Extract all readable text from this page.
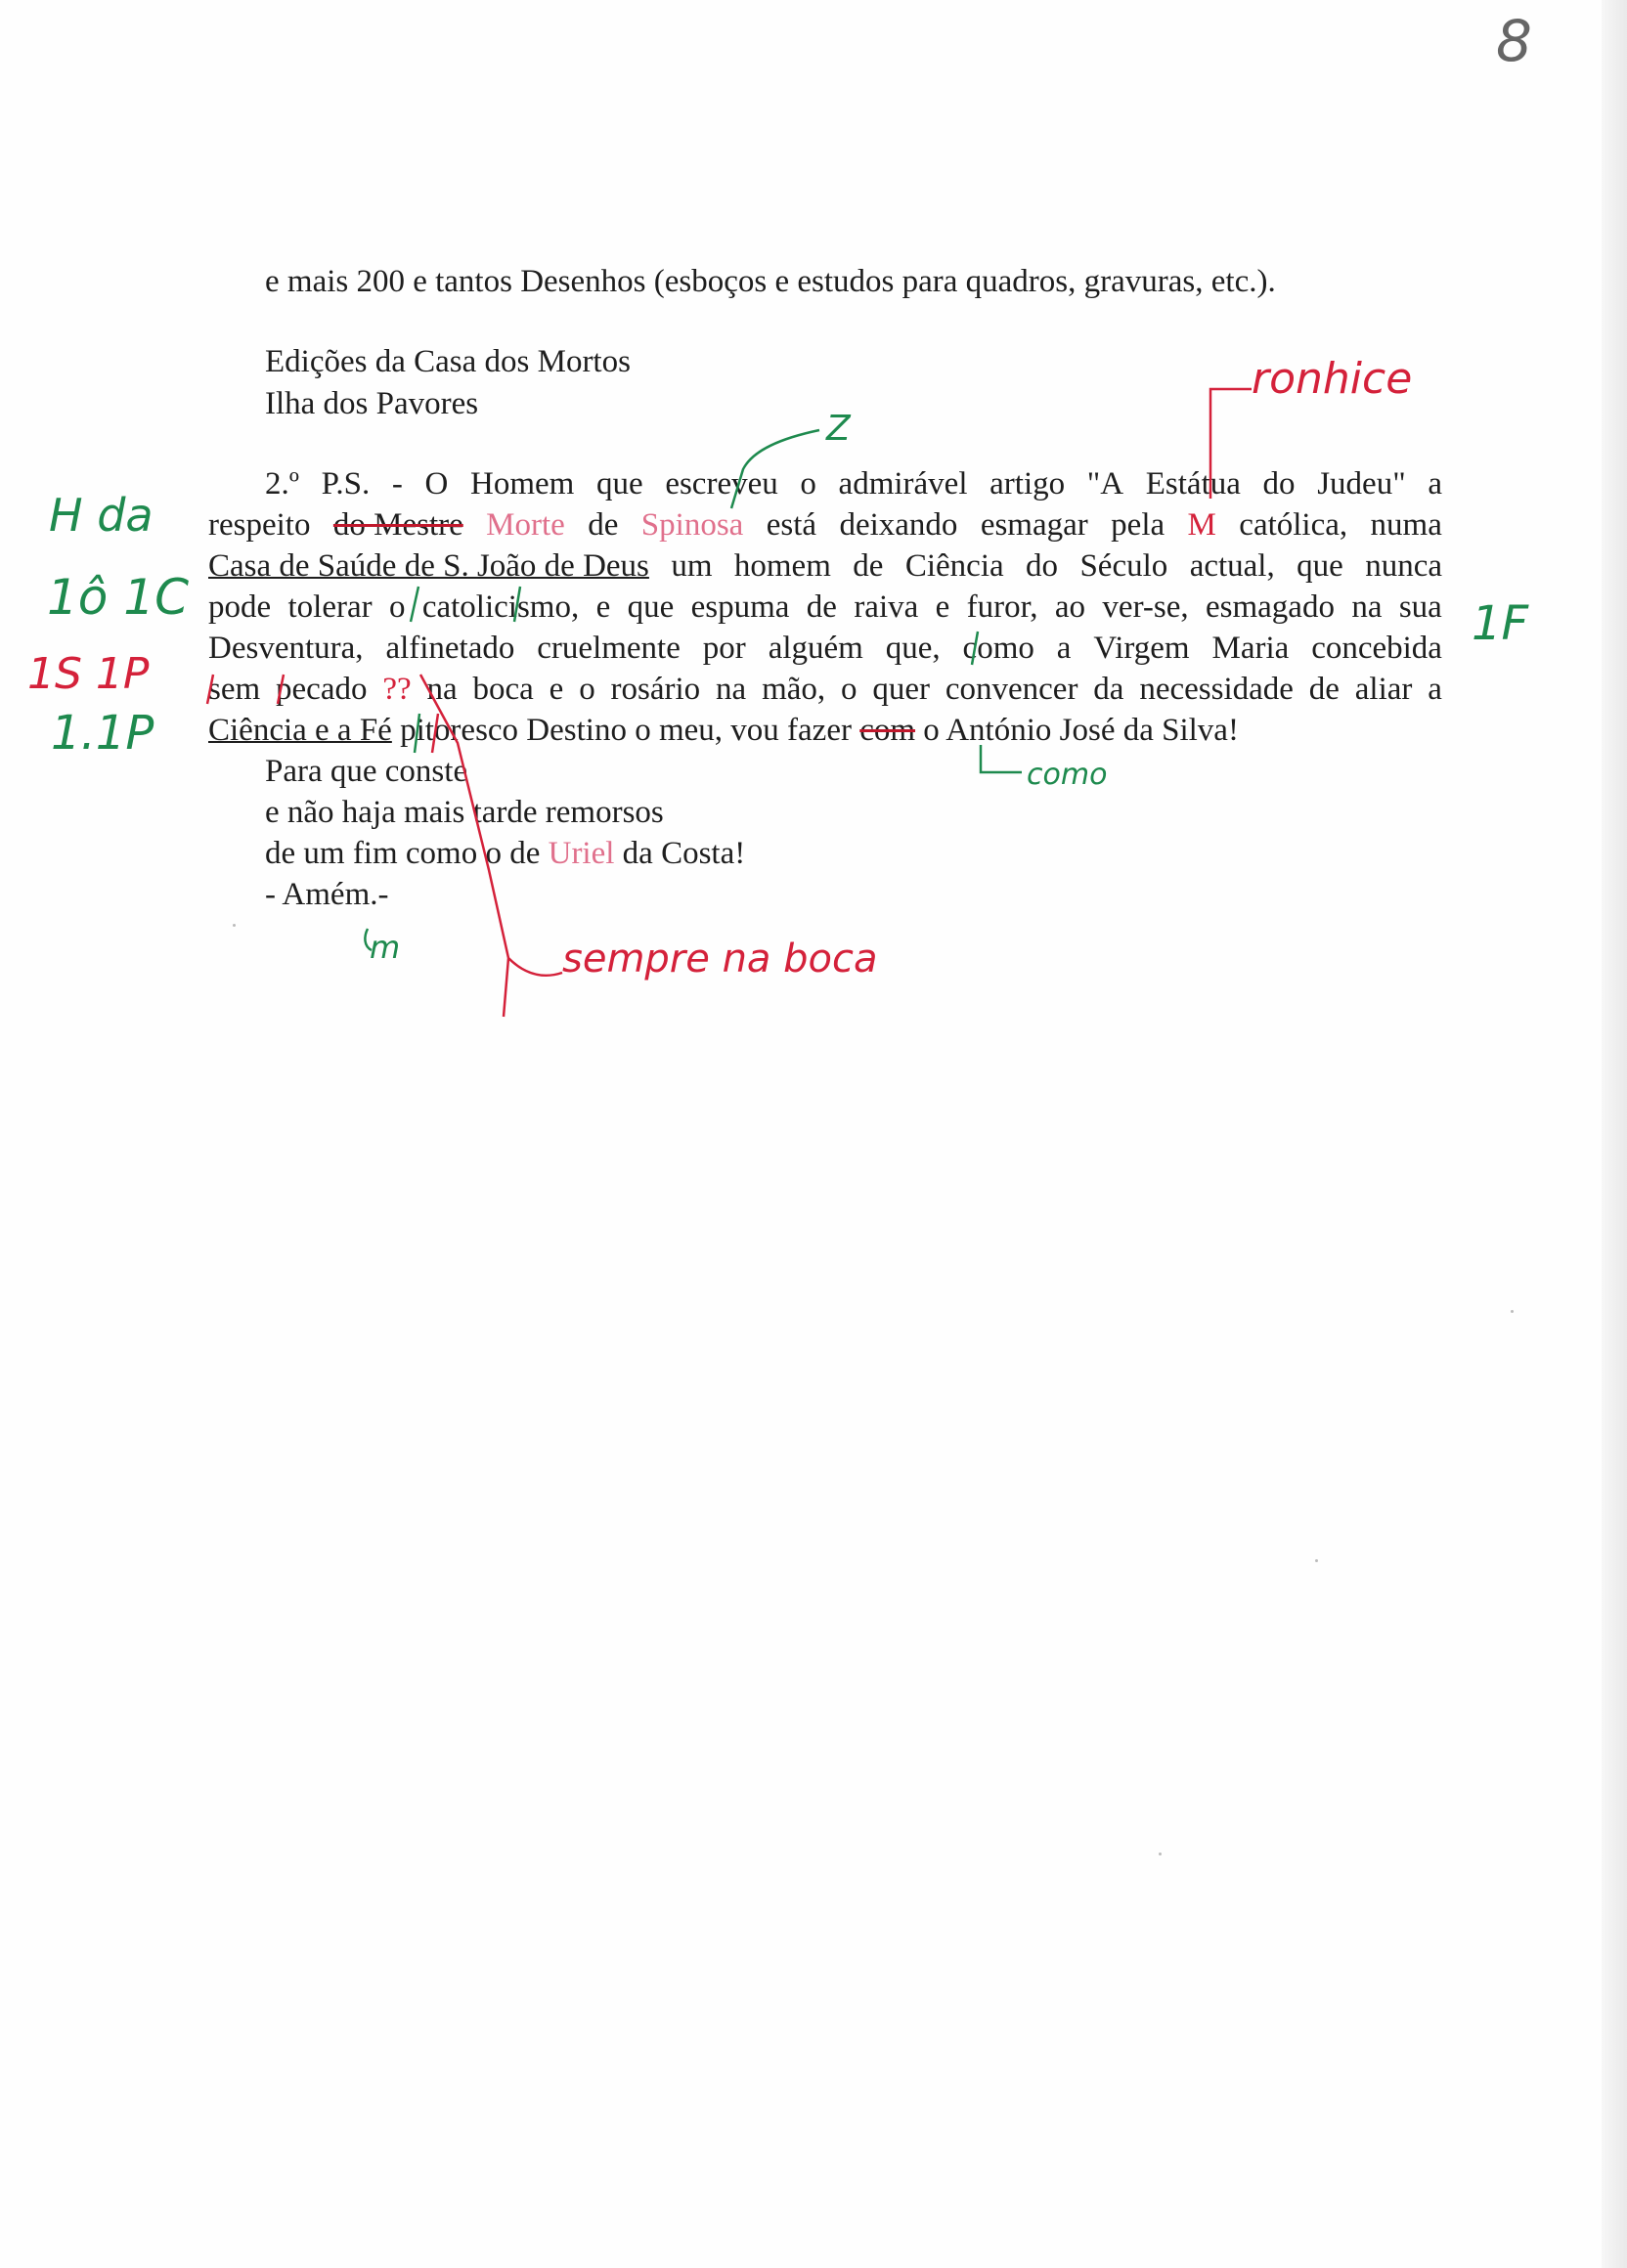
8
e mais 200 e tantos Desenhos (esboços e estudos para quadros, gravuras, etc.).
Edições da Casa dos Mortos
Ilha dos Pavores
2.º P.S. - O Homem que escreveu o admirável artigo "A Estátua do Judeu" a
respeito do Mestre Morte de Spinosa está deixando esmagar pela M católica, numa
Casa de Saúde de S. João de Deus um homem de Ciência do Século actual, que nunca
pode tolerar o catolicismo, e que espuma de raiva e furor, ao ver-se, esmagado na sua
Desventura, alfinetado cruelmente por alguém que, como a Virgem Maria concebida
sem pecado ?? na boca e o rosário na mão, o quer convencer da necessidade de aliar a
Ciência e a Fé pitoresco Destino o meu, vou fazer com o António José da Silva!
Para que conste
e não haja mais tarde remorsos
de um fim como o de Uriel da Costa!
- Amém.-
H da
1ô 1C
1S 1P
1.1P
1F
Z
ronhice
como
m	sempre na boca
